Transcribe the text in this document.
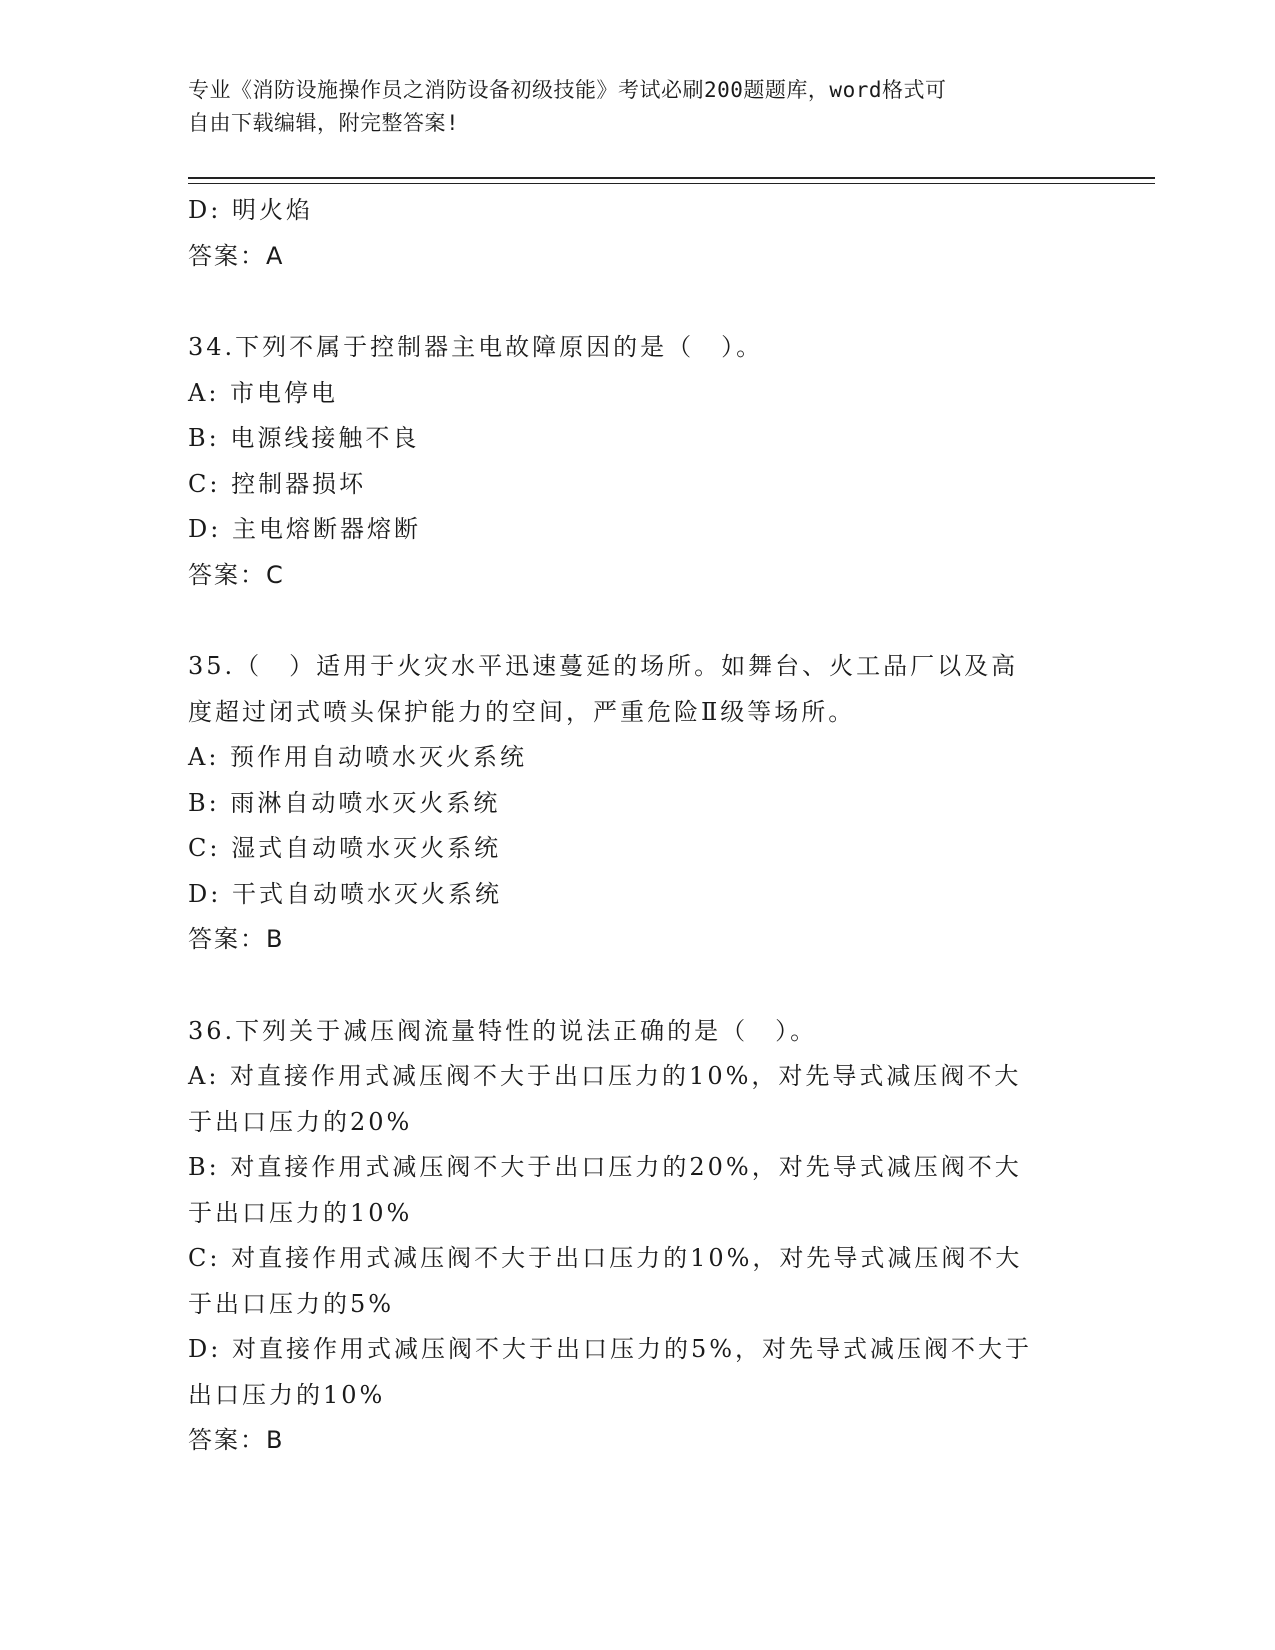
专业《消防设施操作员之消防设备初级技能》考试必刷200题题库，word格式可
自由下载编辑，附完整答案!
D: 明火焰
答案：A
34.下列不属于控制器主电故障原因的是（　）。
A: 市电停电
B: 电源线接触不良
C: 控制器损坏
D: 主电熔断器熔断
答案：C
35.（　）适用于火灾水平迅速蔓延的场所。如舞台、火工品厂以及高
度超过闭式喷头保护能力的空间，严重危险Ⅱ级等场所。
A: 预作用自动喷水灭火系统
B: 雨淋自动喷水灭火系统
C: 湿式自动喷水灭火系统
D: 干式自动喷水灭火系统
答案：B
36.下列关于减压阀流量特性的说法正确的是（　）。
A: 对直接作用式减压阀不大于出口压力的10%，对先导式减压阀不大
于出口压力的20%
B: 对直接作用式减压阀不大于出口压力的20%，对先导式减压阀不大
于出口压力的10%
C: 对直接作用式减压阀不大于出口压力的10%，对先导式减压阀不大
于出口压力的5%
D: 对直接作用式减压阀不大于出口压力的5%，对先导式减压阀不大于
出口压力的10%
答案：B
